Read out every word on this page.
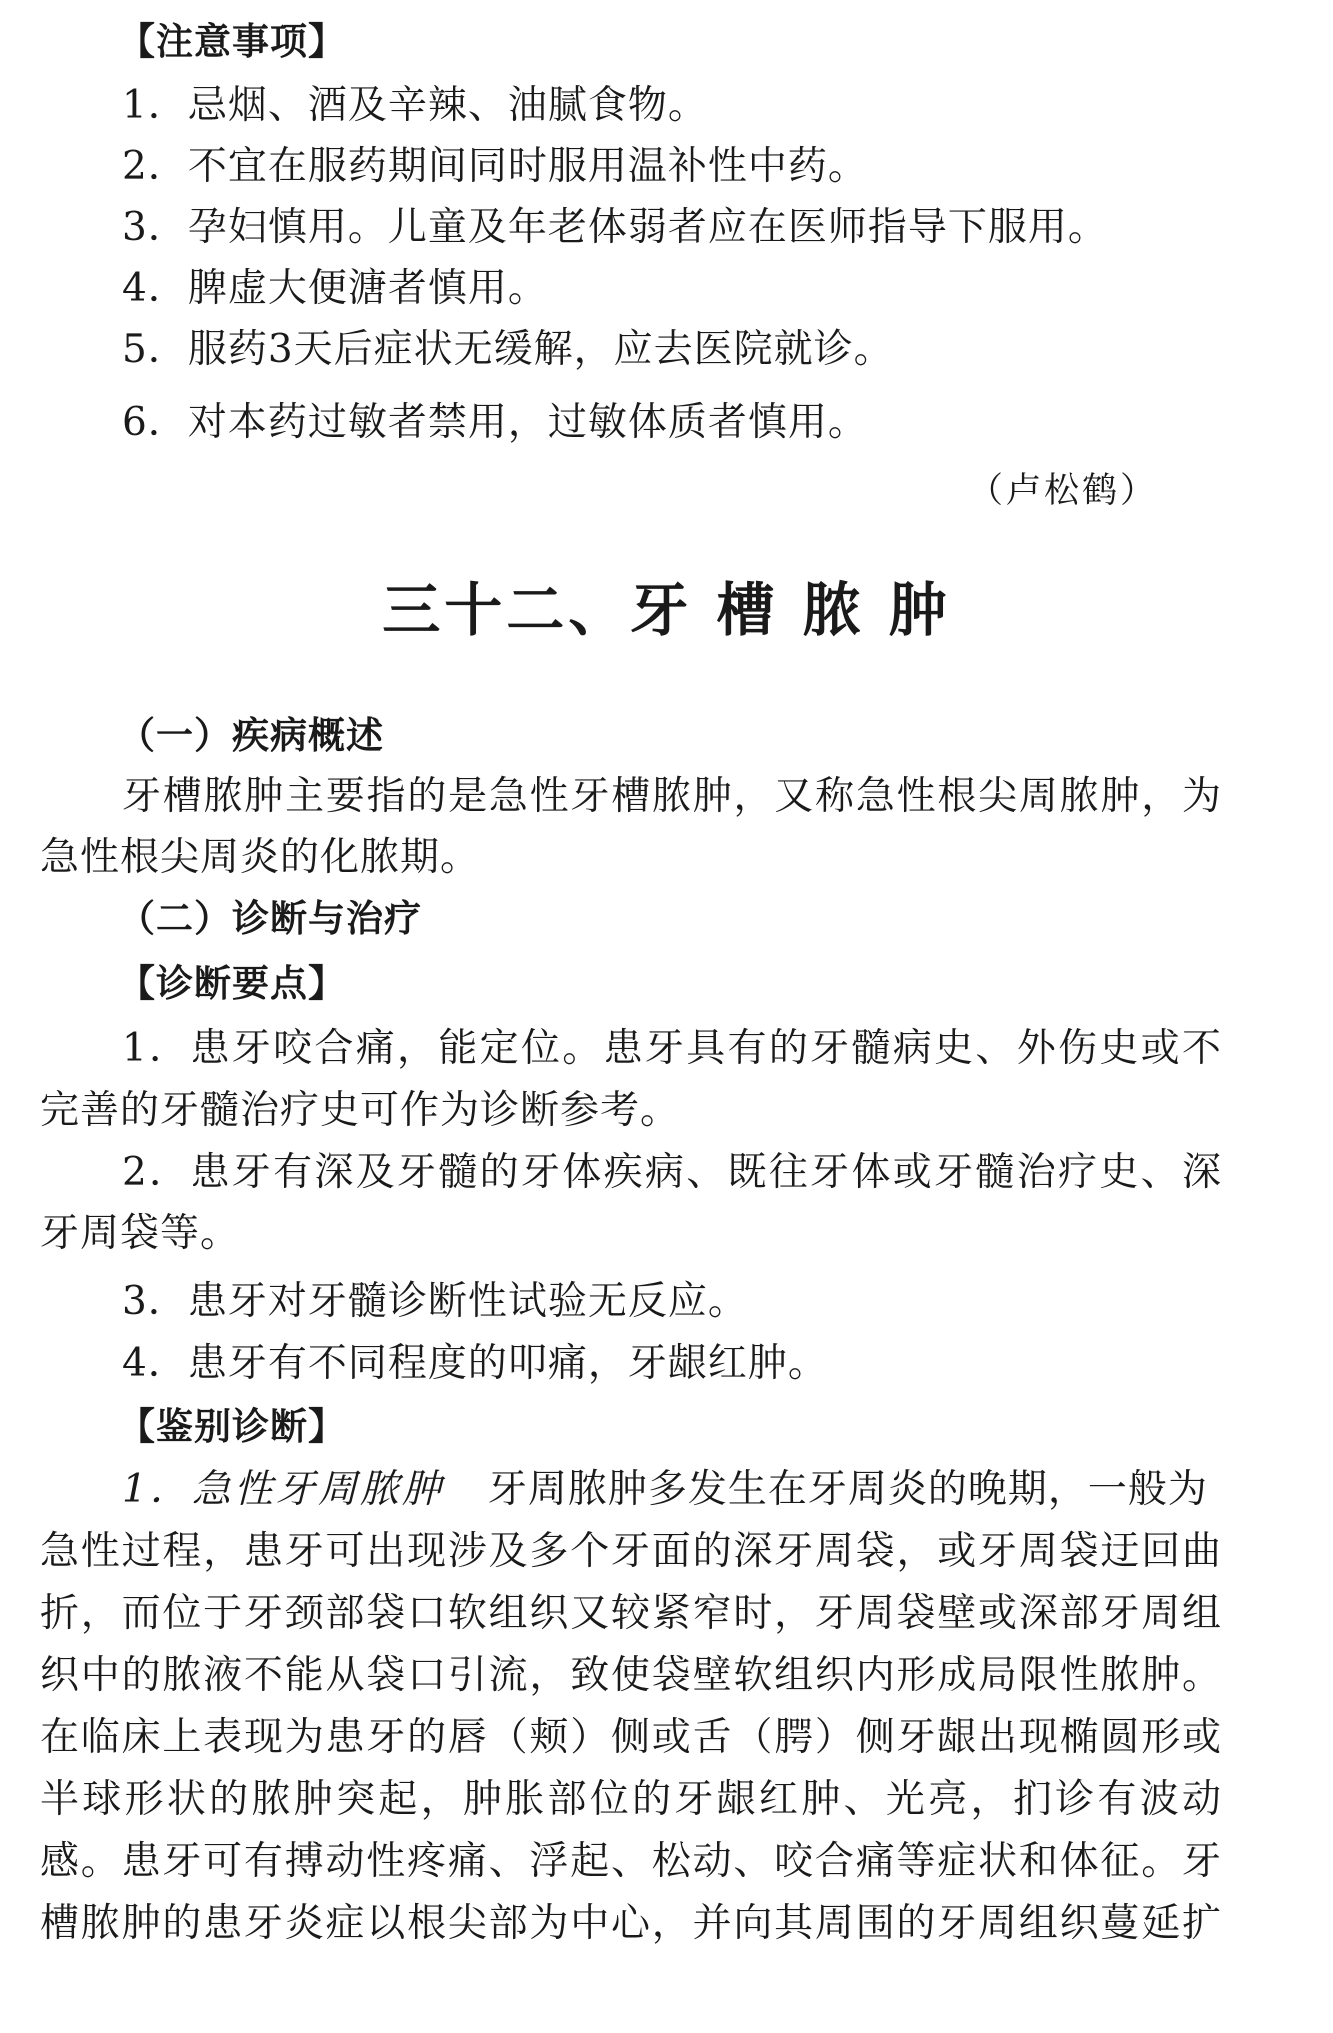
【注意事项】
1．忌烟、酒及辛辣、油腻食物。
2．不宜在服药期间同时服用温补性中药。
3．孕妇慎用。儿童及年老体弱者应在医师指导下服用。
4．脾虚大便溏者慎用。
5．服药3天后症状无缓解，应去医院就诊。
6．对本药过敏者禁用，过敏体质者慎用。
（卢松鹤）
三十二、牙 槽 脓 肿
（一）疾病概述
牙槽脓肿主要指的是急性牙槽脓肿，又称急性根尖周脓肿，为
急性根尖周炎的化脓期。
（二）诊断与治疗
【诊断要点】
1．患牙咬合痛，能定位。患牙具有的牙髓病史、外伤史或不
完善的牙髓治疗史可作为诊断参考。
2．患牙有深及牙髓的牙体疾病、既往牙体或牙髓治疗史、深
牙周袋等。
3．患牙对牙髓诊断性试验无反应。
4．患牙有不同程度的叩痛，牙龈红肿。
【鉴别诊断】
1．急性牙周脓肿 牙周脓肿多发生在牙周炎的晚期，一般为
急性过程，患牙可出现涉及多个牙面的深牙周袋，或牙周袋迂回曲
折，而位于牙颈部袋口软组织又较紧窄时，牙周袋壁或深部牙周组
织中的脓液不能从袋口引流，致使袋壁软组织内形成局限性脓肿。
在临床上表现为患牙的唇（颊）侧或舌（腭）侧牙龈出现椭圆形或
半球形状的脓肿突起，肿胀部位的牙龈红肿、光亮，扪诊有波动
感。患牙可有搏动性疼痛、浮起、松动、咬合痛等症状和体征。牙
槽脓肿的患牙炎症以根尖部为中心，并向其周围的牙周组织蔓延扩
